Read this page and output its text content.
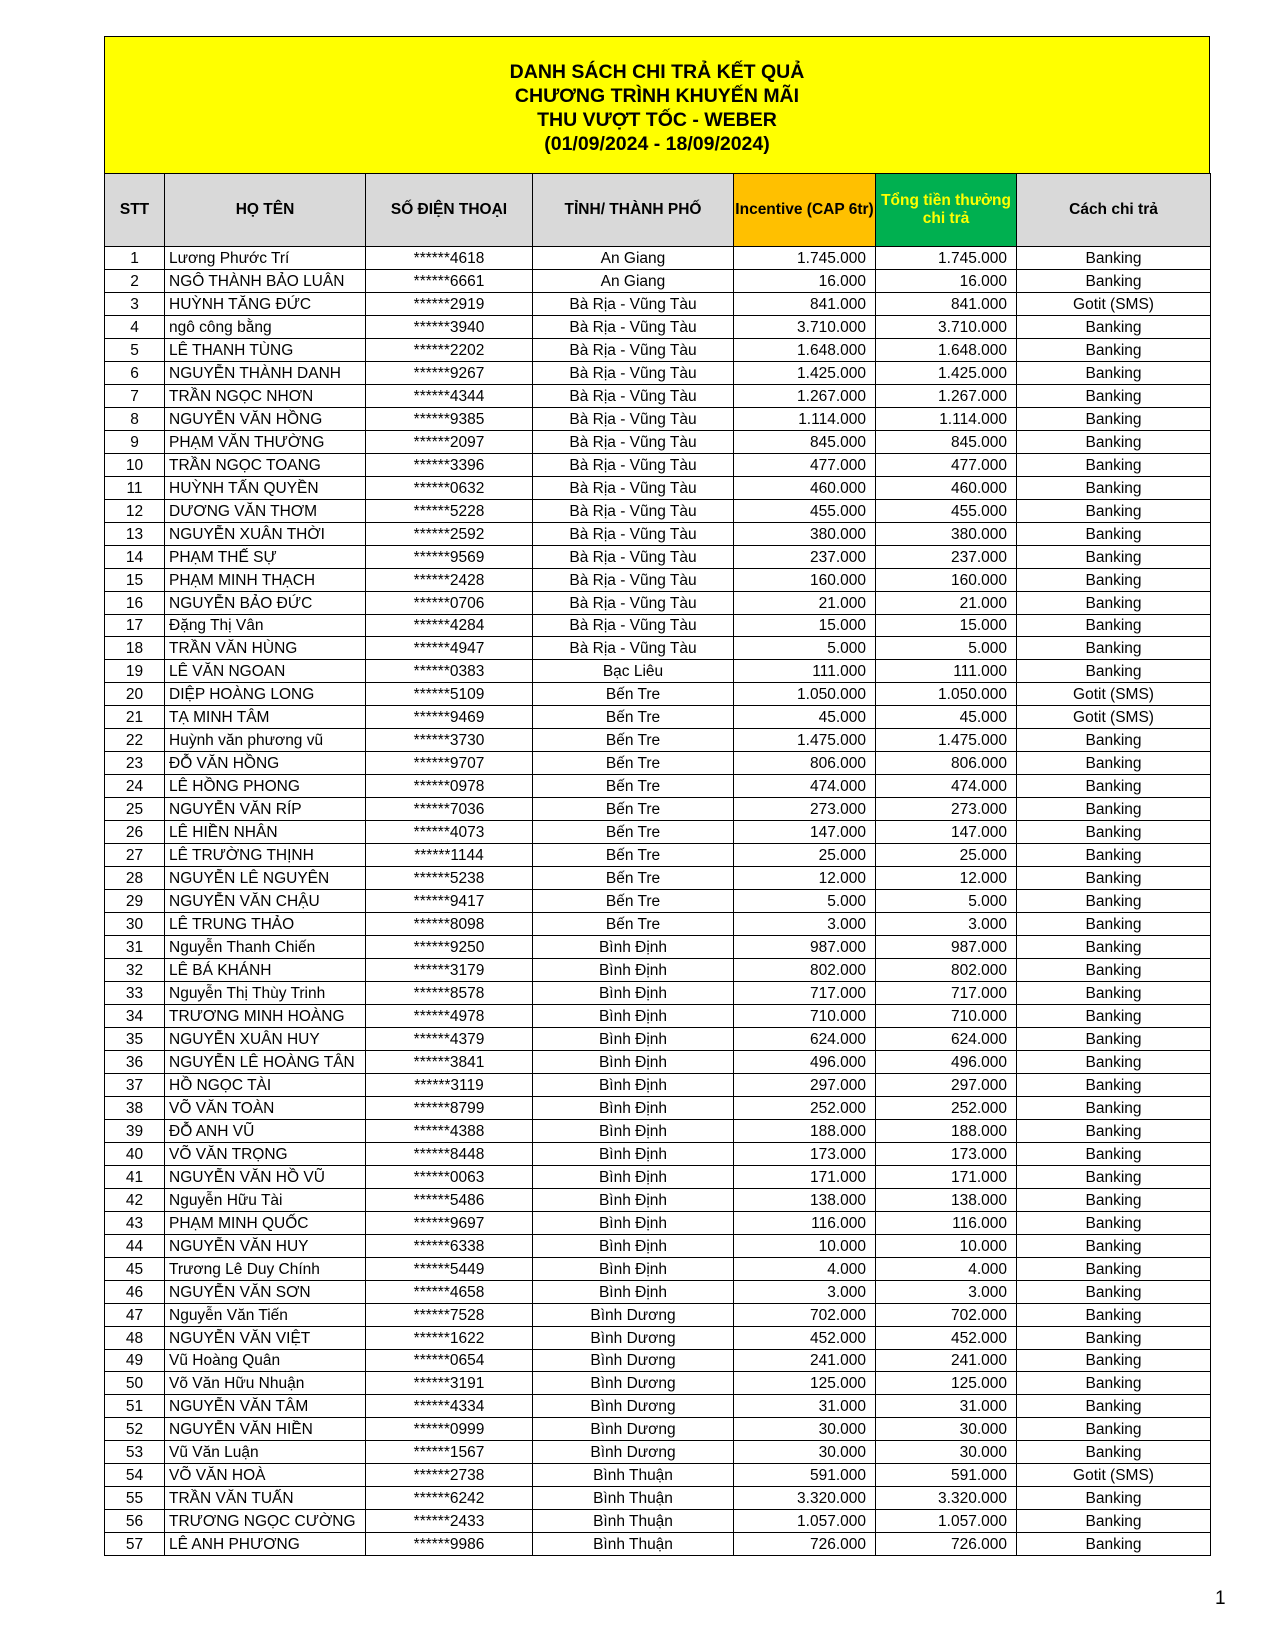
DANH SÁCH CHI TRẢ KẾT QUẢ
CHƯƠNG TRÌNH KHUYẾN MÃI
THU VƯỢT TỐC - WEBER
(01/09/2024 - 18/09/2024)
STT	HỌ TÊN	SỐ ĐIỆN THOẠI	TỈNH/ THÀNH PHỐ	Incentive (CAP 6tr)	Tổng tiền thưởng chi trả	Cách chi trả
1	Lương Phước Trí	******4618	An Giang	1.745.000	1.745.000	Banking
2	NGÔ THÀNH BẢO LUÂN	******6661	An Giang	16.000	16.000	Banking
3	HUỲNH TĂNG ĐỨC	******2919	Bà Rịa - Vũng Tàu	841.000	841.000	Gotit (SMS)
4	ngô công bằng	******3940	Bà Rịa - Vũng Tàu	3.710.000	3.710.000	Banking
5	LÊ THANH TÙNG	******2202	Bà Rịa - Vũng Tàu	1.648.000	1.648.000	Banking
6	NGUYỄN THÀNH DANH	******9267	Bà Rịa - Vũng Tàu	1.425.000	1.425.000	Banking
7	TRẦN NGỌC NHƠN	******4344	Bà Rịa - Vũng Tàu	1.267.000	1.267.000	Banking
8	NGUYỄN VĂN HỒNG	******9385	Bà Rịa - Vũng Tàu	1.114.000	1.114.000	Banking
9	PHẠM VĂN THƯỜNG	******2097	Bà Rịa - Vũng Tàu	845.000	845.000	Banking
10	TRẦN NGỌC TOANG	******3396	Bà Rịa - Vũng Tàu	477.000	477.000	Banking
11	HUỲNH TẤN QUYỀN	******0632	Bà Rịa - Vũng Tàu	460.000	460.000	Banking
12	DƯƠNG VĂN THƠM	******5228	Bà Rịa - Vũng Tàu	455.000	455.000	Banking
13	NGUYỄN XUÂN THỜI	******2592	Bà Rịa - Vũng Tàu	380.000	380.000	Banking
14	PHẠM THẾ SỰ	******9569	Bà Rịa - Vũng Tàu	237.000	237.000	Banking
15	PHẠM MINH THẠCH	******2428	Bà Rịa - Vũng Tàu	160.000	160.000	Banking
16	NGUYỄN BẢO ĐỨC	******0706	Bà Rịa - Vũng Tàu	21.000	21.000	Banking
17	Đặng Thị Vân	******4284	Bà Rịa - Vũng Tàu	15.000	15.000	Banking
18	TRẦN VĂN HÙNG	******4947	Bà Rịa - Vũng Tàu	5.000	5.000	Banking
19	LÊ VĂN NGOAN	******0383	Bạc Liêu	111.000	111.000	Banking
20	DIỆP HOÀNG LONG	******5109	Bến Tre	1.050.000	1.050.000	Gotit (SMS)
21	TẠ MINH TÂM	******9469	Bến Tre	45.000	45.000	Gotit (SMS)
22	Huỳnh văn phương vũ	******3730	Bến Tre	1.475.000	1.475.000	Banking
23	ĐỖ VĂN HỒNG	******9707	Bến Tre	806.000	806.000	Banking
24	LÊ HỒNG PHONG	******0978	Bến Tre	474.000	474.000	Banking
25	NGUYỄN VĂN RÍP	******7036	Bến Tre	273.000	273.000	Banking
26	LÊ HIỀN NHÂN	******4073	Bến Tre	147.000	147.000	Banking
27	LÊ TRƯỜNG THỊNH	******1144	Bến Tre	25.000	25.000	Banking
28	NGUYỄN LÊ NGUYÊN	******5238	Bến Tre	12.000	12.000	Banking
29	NGUYỄN VĂN CHẬU	******9417	Bến Tre	5.000	5.000	Banking
30	LÊ TRUNG THẢO	******8098	Bến Tre	3.000	3.000	Banking
31	Nguyễn Thanh Chiến	******9250	Bình Định	987.000	987.000	Banking
32	LÊ BÁ KHÁNH	******3179	Bình Định	802.000	802.000	Banking
33	Nguyễn Thị Thùy Trinh	******8578	Bình Định	717.000	717.000	Banking
34	TRƯƠNG MINH HOÀNG	******4978	Bình Định	710.000	710.000	Banking
35	NGUYỄN XUÂN HUY	******4379	Bình Định	624.000	624.000	Banking
36	NGUYỄN LÊ HOÀNG TÂN	******3841	Bình Định	496.000	496.000	Banking
37	HỒ NGỌC TÀI	******3119	Bình Định	297.000	297.000	Banking
38	VÕ VĂN TOÀN	******8799	Bình Định	252.000	252.000	Banking
39	ĐỖ ANH VŨ	******4388	Bình Định	188.000	188.000	Banking
40	VÕ VĂN TRỌNG	******8448	Bình Định	173.000	173.000	Banking
41	NGUYỄN VĂN HỒ VŨ	******0063	Bình Định	171.000	171.000	Banking
42	Nguyễn Hữu Tài	******5486	Bình Định	138.000	138.000	Banking
43	PHẠM MINH QUỐC	******9697	Bình Định	116.000	116.000	Banking
44	NGUYỄN VĂN HUY	******6338	Bình Định	10.000	10.000	Banking
45	Trương Lê Duy Chính	******5449	Bình Định	4.000	4.000	Banking
46	NGUYỄN VĂN SƠN	******4658	Bình Định	3.000	3.000	Banking
47	Nguyễn Văn Tiến	******7528	Bình Dương	702.000	702.000	Banking
48	NGUYỄN VĂN VIỆT	******1622	Bình Dương	452.000	452.000	Banking
49	Vũ Hoàng Quân	******0654	Bình Dương	241.000	241.000	Banking
50	Võ Văn Hữu Nhuận	******3191	Bình Dương	125.000	125.000	Banking
51	NGUYỄN VĂN TÂM	******4334	Bình Dương	31.000	31.000	Banking
52	NGUYỄN VĂN HIỀN	******0999	Bình Dương	30.000	30.000	Banking
53	Vũ Văn Luận	******1567	Bình Dương	30.000	30.000	Banking
54	VÕ VĂN HOÀ	******2738	Bình Thuận	591.000	591.000	Gotit (SMS)
55	TRẦN VĂN TUẤN	******6242	Bình Thuận	3.320.000	3.320.000	Banking
56	TRƯƠNG NGỌC CƯỜNG	******2433	Bình Thuận	1.057.000	1.057.000	Banking
57	LÊ ANH PHƯƠNG	******9986	Bình Thuận	726.000	726.000	Banking
1
